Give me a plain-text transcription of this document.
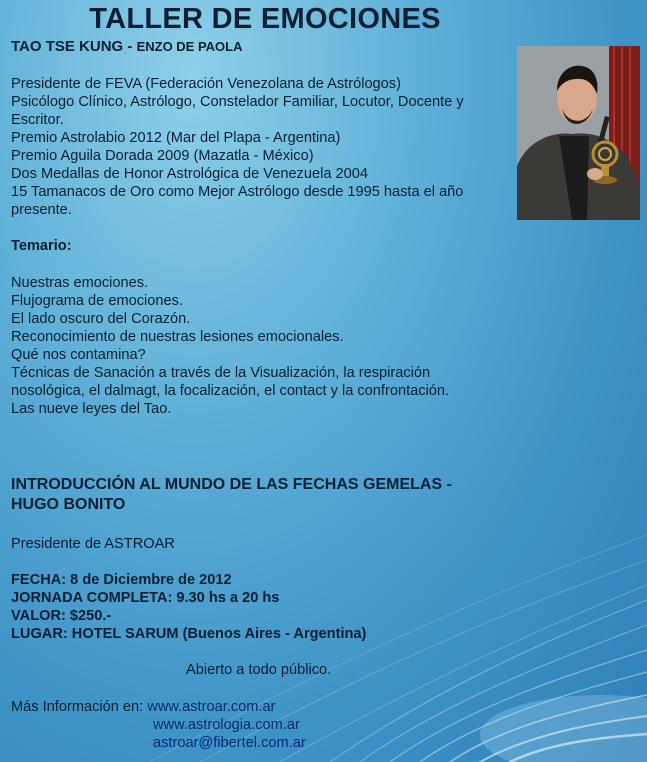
TALLER DE EMOCIONES
TAO TSE KUNG - ENZO DE PAOLA
Presidente de FEVA (Federación Venezolana de Astrólogos)
Psicólogo Clínico, Astrólogo, Constelador Familiar, Locutor, Docente y
Escritor.
Premio Astrolabio 2012 (Mar del Plapa - Argentina)
Premio Aguila Dorada 2009 (Mazatla - México)
Dos Medallas de Honor Astrológica de Venezuela 2004
15 Tamanacos de Oro como Mejor Astrólogo desde 1995 hasta el año
presente.
Temario:
Nuestras emociones.
Flujograma de emociones.
El lado oscuro del Corazón.
Reconocimiento de nuestras lesiones emocionales.
Qué nos contamina?
Técnicas de Sanación a través de la Visualización, la respiración
nosológica, el dalmagt, la focalización, el contact y la confrontación.
Las nueve leyes del Tao.
INTRODUCCIÓN AL MUNDO DE LAS FECHAS GEMELAS -
HUGO BONITO
Presidente de ASTROAR
FECHA: 8 de Diciembre de 2012
JORNADA COMPLETA: 9.30 hs a 20 hs
VALOR: $250.-
LUGAR: HOTEL SARUM (Buenos Aires - Argentina)
Abierto a todo público.
Más Información en: www.astroar.com.ar
www.astrologia.com.ar
astroar@fibertel.com.ar
